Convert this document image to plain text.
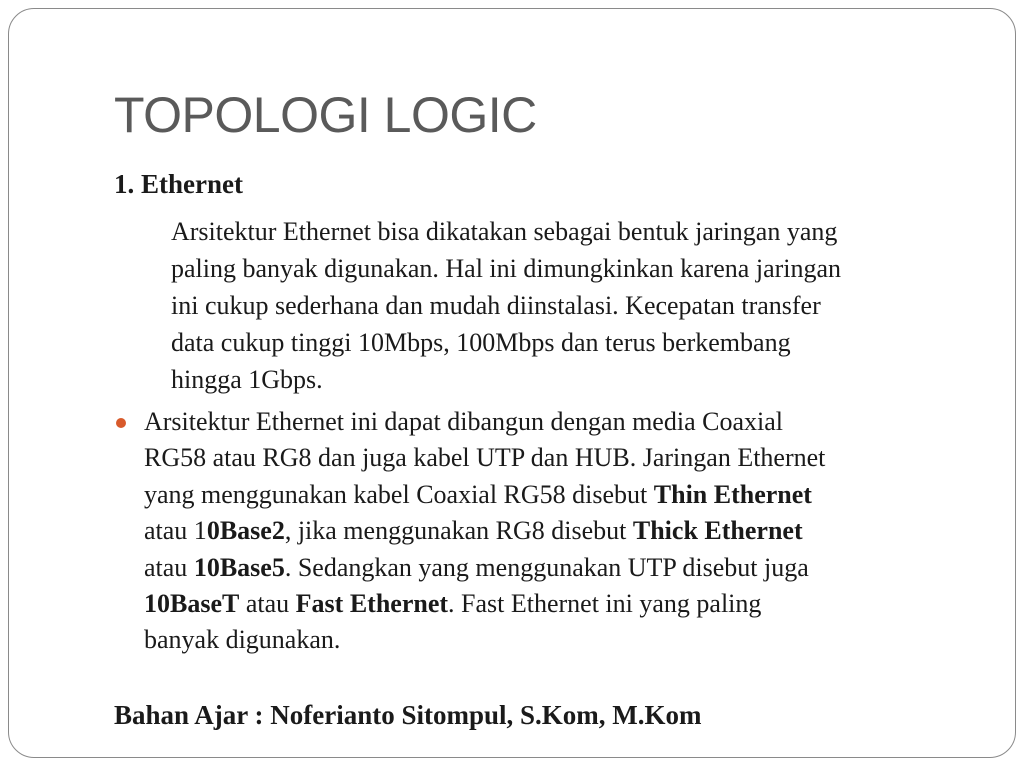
TOPOLOGI LOGIC
1. Ethernet
Arsitektur Ethernet bisa dikatakan sebagai bentuk jaringan yang
paling banyak digunakan. Hal ini dimungkinkan karena jaringan
ini cukup sederhana dan mudah diinstalasi. Kecepatan transfer
data cukup tinggi 10Mbps, 100Mbps dan terus berkembang
hingga 1Gbps.
Arsitektur Ethernet ini dapat dibangun dengan media Coaxial
RG58 atau RG8 dan juga kabel UTP dan HUB. Jaringan Ethernet
yang menggunakan kabel Coaxial RG58 disebut Thin Ethernet
atau 10Base2, jika menggunakan RG8 disebut Thick Ethernet
atau 10Base5. Sedangkan yang menggunakan UTP disebut juga
10BaseT atau Fast Ethernet. Fast Ethernet ini yang paling
banyak digunakan.
Bahan Ajar : Noferianto Sitompul, S.Kom, M.Kom
